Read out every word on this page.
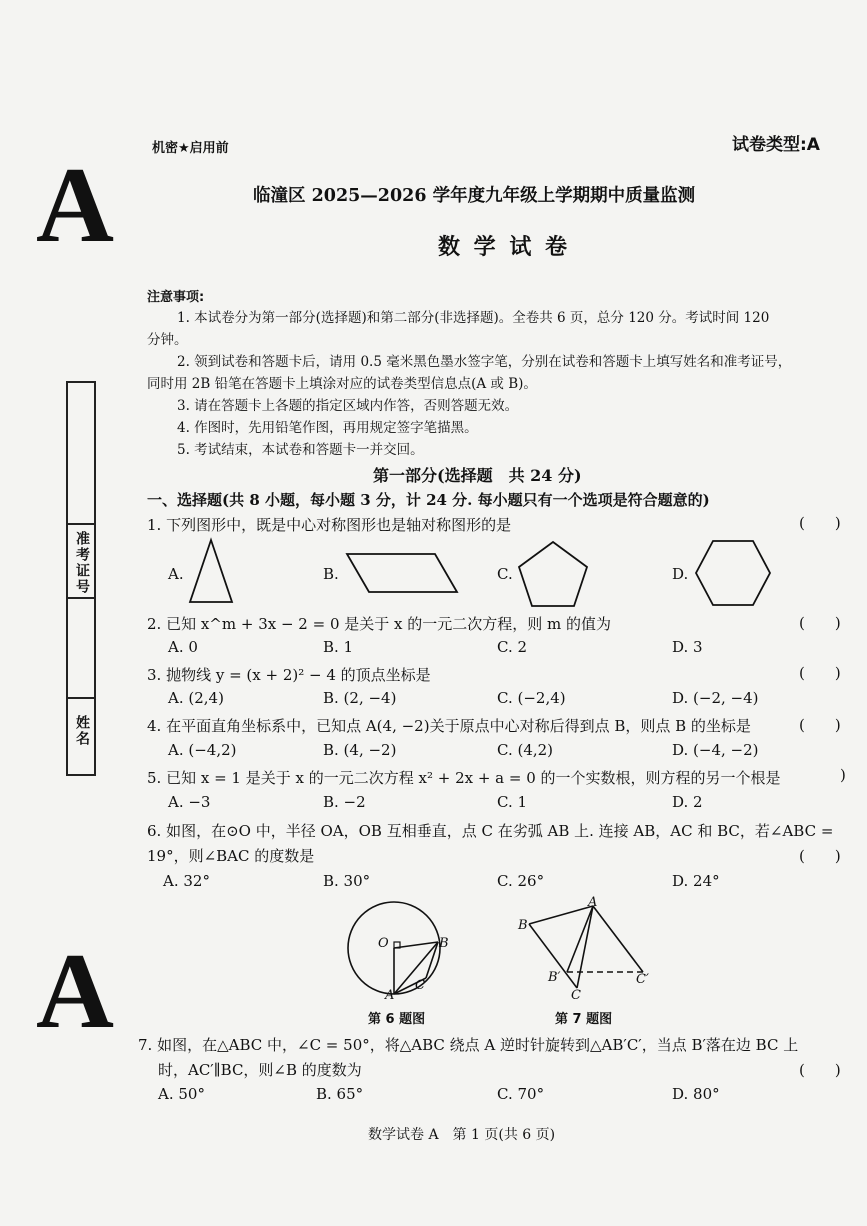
机密★启用前	试卷类型:A
A	临潼区 2025—2026 学年度九年级上学期期中质量监测
数 学 试 卷
注意事项:
1. 本试卷分为第一部分(选择题)和第二部分(非选择题)。全卷共 6 页，总分 120 分。考试时间 120
分钟。
2. 领到试卷和答题卡后，请用 0.5 毫米黑色墨水签字笔，分别在试卷和答题卡上填写姓名和准考证号，
同时用 2B 铅笔在答题卡上填涂对应的试卷类型信息点(A 或 B)。
3. 请在答题卡上各题的指定区域内作答，否则答题无效。
4. 作图时，先用铅笔作图，再用规定签字笔描黑。
5. 考试结束，本试卷和答题卡一并交回。
准考证号
姓名
第一部分(选择题　共 24 分)
一、选择题(共 8 小题，每小题 3 分，计 24 分. 每小题只有一个选项是符合题意的)
1. 下列图形中，既是中心对称图形也是轴对称图形的是	(　　)
A.	B.	C.	D.
2. 已知 x^m + 3x − 2 = 0 是关于 x 的一元二次方程，则 m 的值为	(　　)
A. 0	B. 1	C. 2	D. 3
3. 抛物线 y = (x + 2)² − 4 的顶点坐标是	(　　)
A. (2,4)	B. (2, −4)	C. (−2,4)	D. (−2, −4)
4. 在平面直角坐标系中，已知点 A(4, −2)关于原点中心对称后得到点 B，则点 B 的坐标是	(　　)
A. (−4,2)	B. (4, −2)	C. (4,2)	D. (−4, −2)
5. 已知 x = 1 是关于 x 的一元二次方程 x² + 2x + a = 0 的一个实数根，则方程的另一个根是	)
A. −3	B. −2	C. 1	D. 2
6. 如图，在⊙O 中，半径 OA，OB 互相垂直，点 C 在劣弧 AB 上. 连接 AB，AC 和 BC，若∠ABC =
19°，则∠BAC 的度数是	(　　)
A. 32°	B. 30°	C. 26°	D. 24°
O	B
A
C
第 6 题图
A
B
B′
C
C′
第 7 题图
A 7. 如图，在△ABC 中，∠C = 50°，将△ABC 绕点 A 逆时针旋转到△AB′C′，当点 B′落在边 BC 上
时，AC′∥BC，则∠B 的度数为	(　　)
A. 50°	B. 65°	C. 70°	D. 80°
数学试卷 A　第 1 页(共 6 页)
